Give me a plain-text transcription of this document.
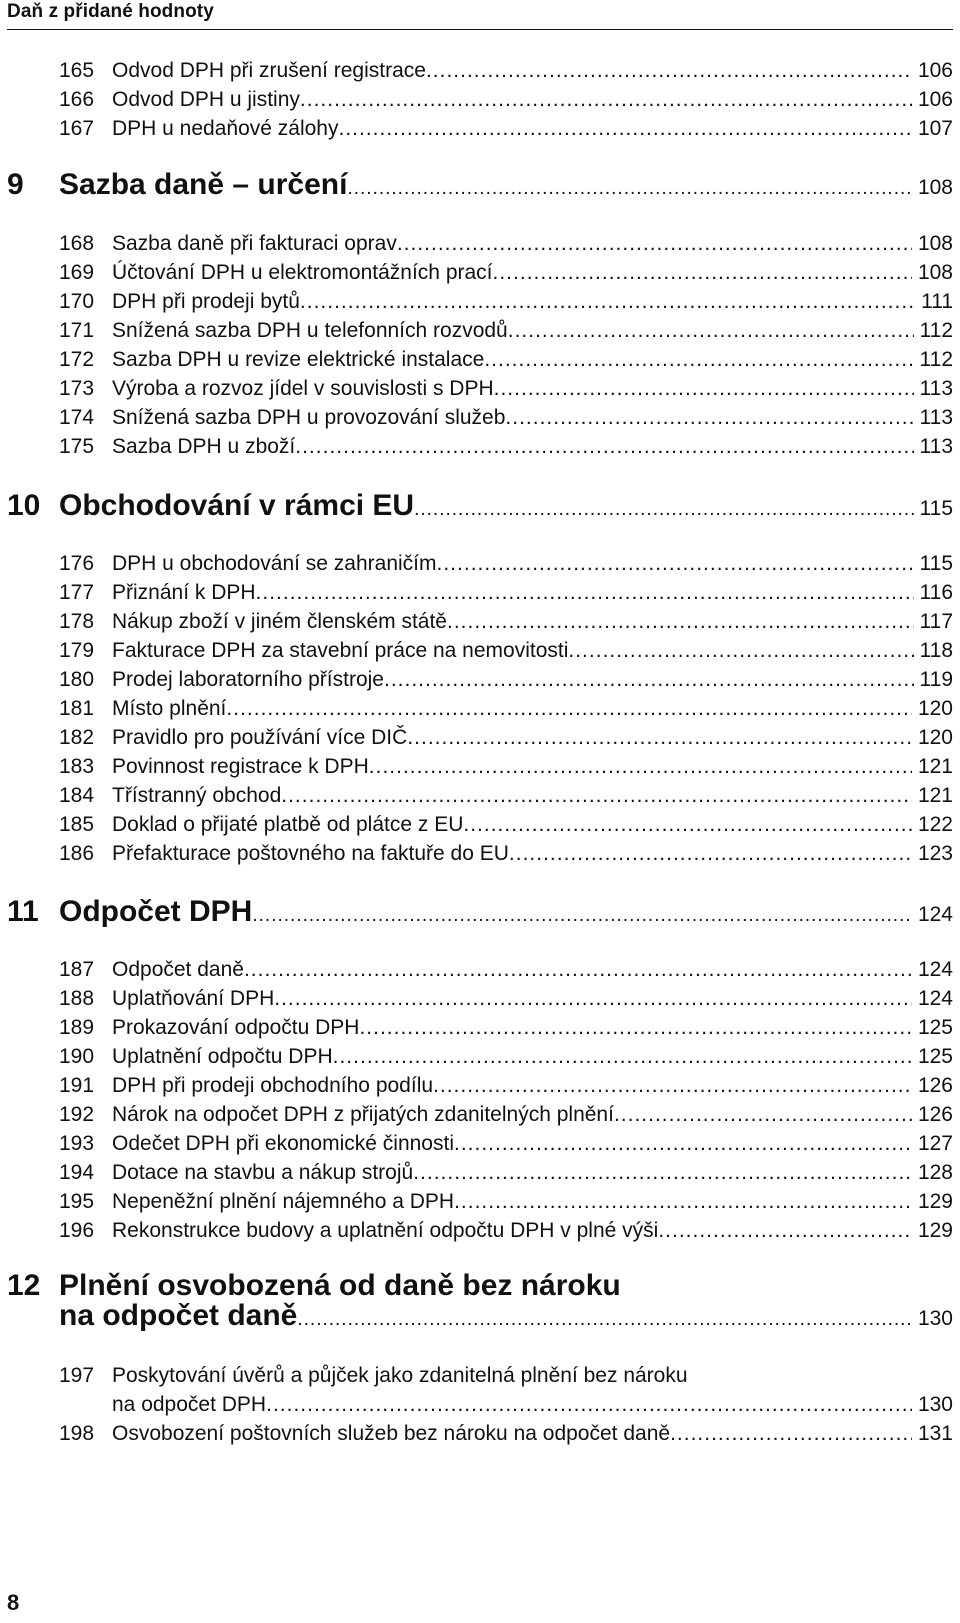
Daň z přidané hodnoty
165 Odvod DPH při zrušení registrace .....	106
166 Odvod DPH u jistiny .....	106
167 DPH u nedaňové zálohy .....	107
9 Sazba daně – určení .....	108
168 Sazba daně při fakturaci oprav .....	108
169 Účtování DPH u elektromontážních prací .....	108
170 DPH při prodeji bytů .....	111
171 Snížená sazba DPH u telefonních rozvodů .....	112
172 Sazba DPH u revize elektrické instalace .....	112
173 Výroba a rozvoz jídel v souvislosti s DPH .....	113
174 Snížená sazba DPH u provozování služeb .....	113
175 Sazba DPH u zboží .....	113
10 Obchodování v rámci EU .....	115
176 DPH u obchodování se zahraničím .....	115
177 Přiznání k DPH .....	116
178 Nákup zboží v jiném členském státě .....	117
179 Fakturace DPH za stavební práce na nemovitosti .....	118
180 Prodej laboratorního přístroje .....	119
181 Místo plnění .....	120
182 Pravidlo pro používání více DIČ .....	120
183 Povinnost registrace k DPH .....	121
184 Třístranný obchod .....	121
185 Doklad o přijaté platbě od plátce z EU .....	122
186 Přefakturace poštovného na faktuře do EU .....	123
11 Odpočet DPH .....	124
187 Odpočet daně .....	124
188 Uplatňování DPH .....	124
189 Prokazování odpočtu DPH .....	125
190 Uplatnění odpočtu DPH .....	125
191 DPH při prodeji obchodního podílu .....	126
192 Nárok na odpočet DPH z přijatých zdanitelných plnění .....	126
193 Odečet DPH při ekonomické činnosti .....	127
194 Dotace na stavbu a nákup strojů .....	128
195 Nepeněžní plnění nájemného a DPH .....	129
196 Rekonstrukce budovy a uplatnění odpočtu DPH v plné výši .....	129
12 Plnění osvobozená od daně bez nároku
na odpočet daně .....	130
197 Poskytování úvěrů a půjček jako zdanitelná plnění bez nároku
na odpočet DPH .....	130
198 Osvobození poštovních služeb bez nároku na odpočet daně .....	131
8
